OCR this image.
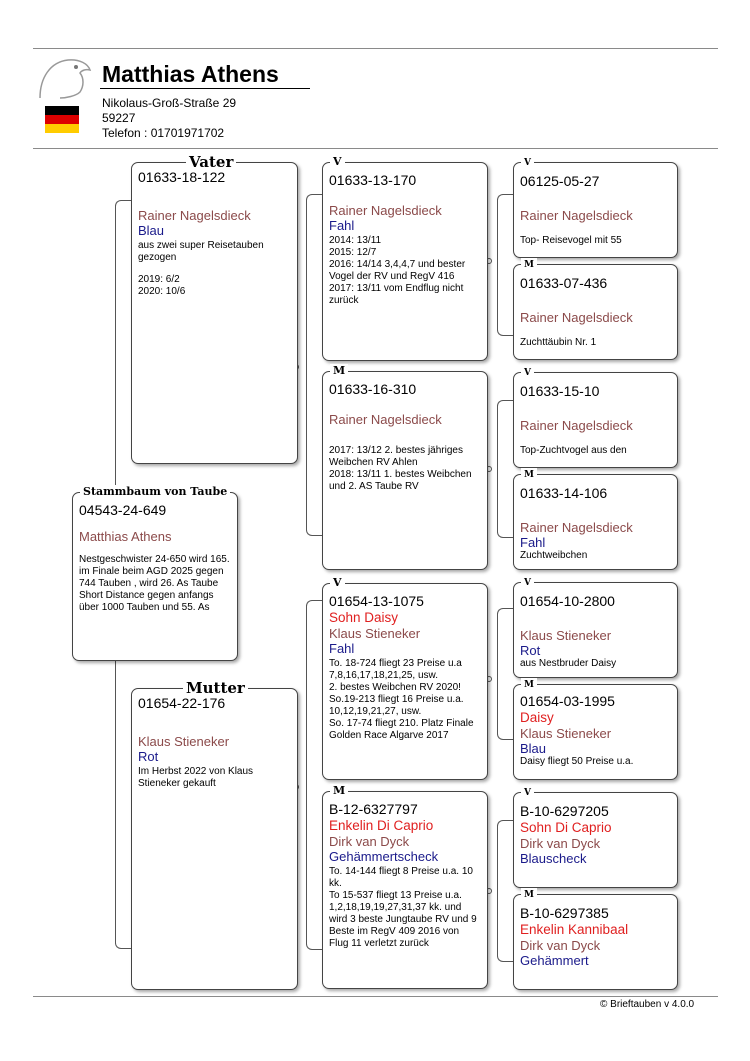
Matthias Athens
Nikolaus-Groß-Straße 29
59227
Telefon : 01701971702
Stammbaum von Taube
04543-24-649
Matthias Athens
Nestgeschwister 24-650 wird 165. im Finale beim AGD 2025 gegen 744 Tauben , wird 26. As Taube Short Distance gegen anfangs über 1000 Tauben und 55. As
Vater
01633-18-122
Rainer Nagelsdieck
Blau
aus zwei super Reisetauben gezogen
2019: 6/2
2020: 10/6
Mutter
01654-22-176
Klaus Stieneker
Rot
Im Herbst 2022 von Klaus Stieneker gekauft
V
01633-13-170
Rainer Nagelsdieck
Fahl
2014: 13/11
2015: 12/7
2016: 14/14 3,4,4,7 und bester Vogel der RV und RegV 416
2017: 13/11 vom Endflug nicht zurück
M
01633-16-310
Rainer Nagelsdieck
2017: 13/12 2. bestes jähriges Weibchen RV Ahlen
2018: 13/11 1. bestes Weibchen und 2. AS Taube RV
V
01654-13-1075
Sohn Daisy
Klaus Stieneker
Fahl
To. 18-724 fliegt 23 Preise u.a 7,8,16,17,18,21,25, usw.
2. bestes Weibchen RV 2020!
So.19-213 fliegt 16 Preise u.a. 10,12,19,21,27, usw.
So. 17-74 fliegt 210. Platz Finale Golden Race Algarve 2017
M
B-12-6327797
Enkelin Di Caprio
Dirk van Dyck
Gehämmertscheck
To. 14-144 fliegt 8 Preise u.a. 10 kk.
To 15-537 fliegt 13 Preise u.a. 1,2,18,19,19,27,31,37 kk. und wird 3 beste Jungtaube RV und 9 Beste im RegV 409 2016 von Flug 11 verletzt zurück
V
06125-05-27
Rainer Nagelsdieck
Top- Reisevogel mit 55
M
01633-07-436
Rainer Nagelsdieck
Zuchttäubin Nr. 1
V
01633-15-10
Rainer Nagelsdieck
Top-Zuchtvogel aus den
M
01633-14-106
Rainer Nagelsdieck
Fahl
Zuchtweibchen
V
01654-10-2800
Klaus Stieneker
Rot
aus Nestbruder Daisy
M
01654-03-1995
Daisy
Klaus Stieneker
Blau
Daisy fliegt 50 Preise u.a.
V
B-10-6297205
Sohn Di Caprio
Dirk van Dyck
Blauscheck
M
B-10-6297385
Enkelin Kannibaal
Dirk van Dyck
Gehämmert
© Brieftauben v 4.0.0
